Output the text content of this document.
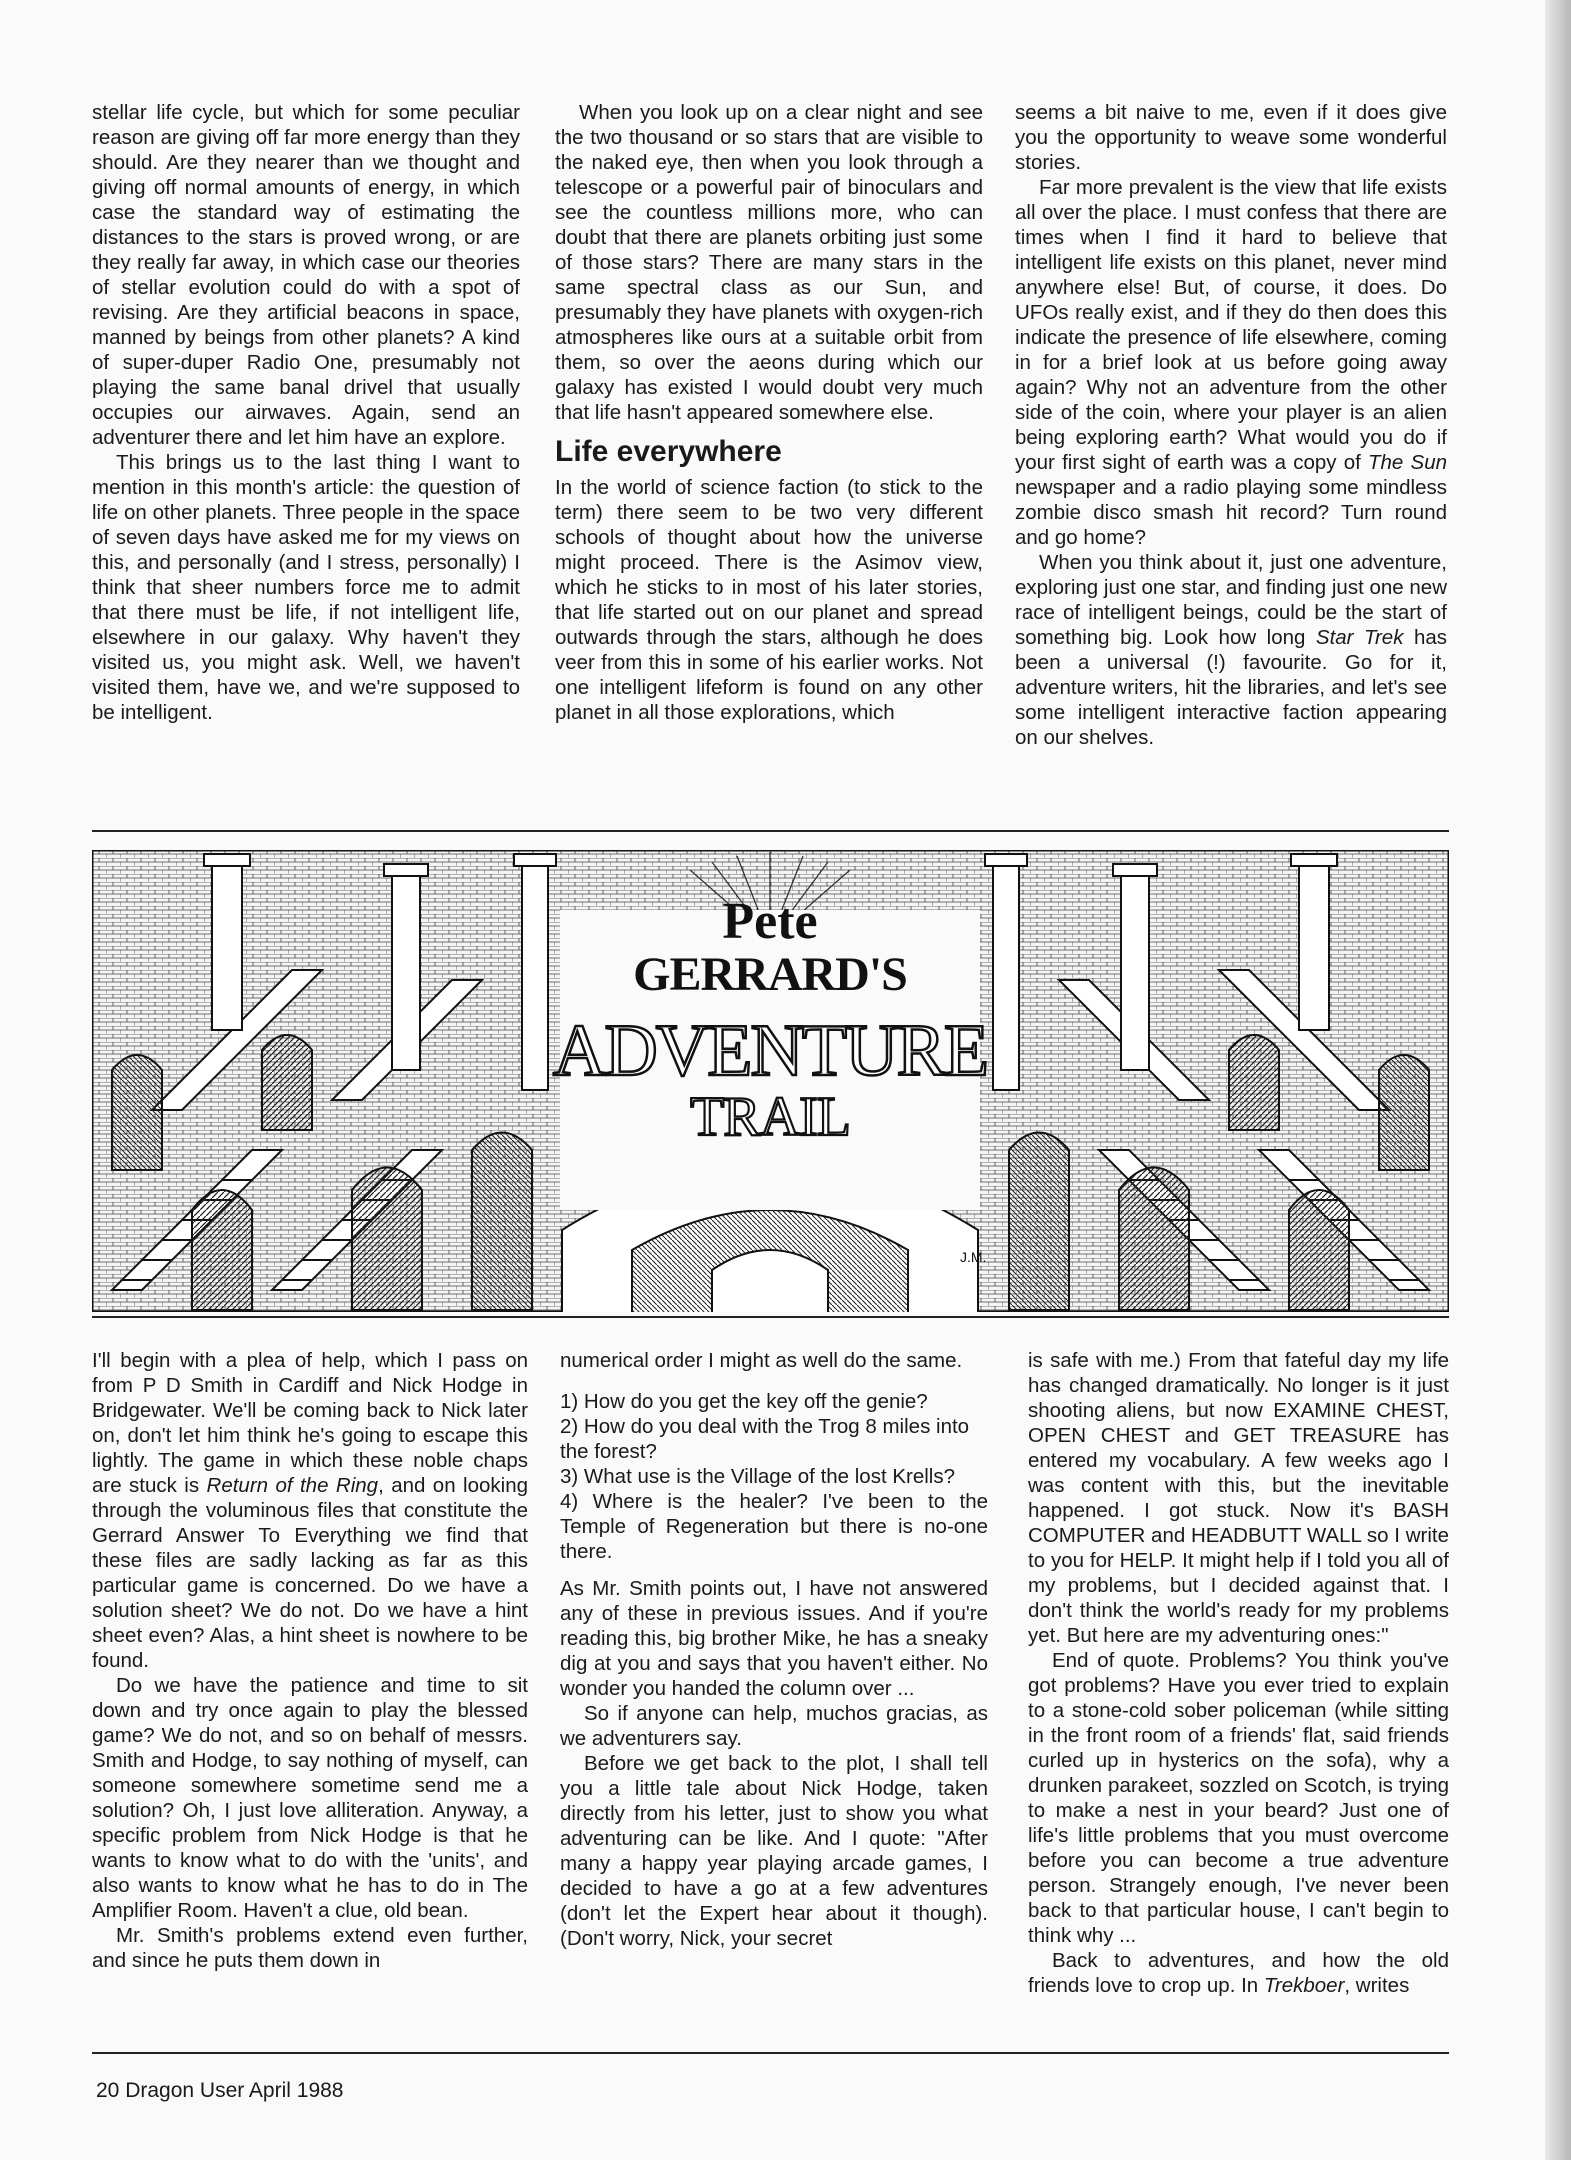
stellar life cycle, but which for some peculiar reason are giving off far more energy than they should. Are they nearer than we thought and giving off normal amounts of energy, in which case the standard way of estimating the distances to the stars is proved wrong, or are they really far away, in which case our theories of stellar evolution could do with a spot of revising. Are they artificial beacons in space, manned by beings from other planets? A kind of super-duper Radio One, presumably not playing the same banal drivel that usually occupies our airwaves. Again, send an adventurer there and let him have an explore.

This brings us to the last thing I want to mention in this month's article: the question of life on other planets. Three people in the space of seven days have asked me for my views on this, and personally (and I stress, personally) I think that sheer numbers force me to admit that there must be life, if not intelligent life, elsewhere in our galaxy. Why haven't they visited us, you might ask. Well, we haven't visited them, have we, and we're supposed to be intelligent.

When you look up on a clear night and see the two thousand or so stars that are visible to the naked eye, then when you look through a telescope or a powerful pair of binoculars and see the countless millions more, who can doubt that there are planets orbiting just some of those stars? There are many stars in the same spectral class as our Sun, and presumably they have planets with oxygen-rich atmospheres like ours at a suitable orbit from them, so over the aeons during which our galaxy has existed I would doubt very much that life hasn't appeared somewhere else.

Life everywhere

In the world of science faction (to stick to the term) there seem to be two very different schools of thought about how the universe might proceed. There is the Asimov view, which he sticks to in most of his later stories, that life started out on our planet and spread outwards through the stars, although he does veer from this in some of his earlier works. Not one intelligent lifeform is found on any other planet in all those explorations, which

seems a bit naive to me, even if it does give you the opportunity to weave some wonderful stories.

Far more prevalent is the view that life exists all over the place. I must confess that there are times when I find it hard to believe that intelligent life exists on this planet, never mind anywhere else! But, of course, it does. Do UFOs really exist, and if they do then does this indicate the presence of life elsewhere, coming in for a brief look at us before going away again? Why not an adventure from the other side of the coin, where your player is an alien being exploring earth? What would you do if your first sight of earth was a copy of The Sun newspaper and a radio playing some mindless zombie disco smash hit record? Turn round and go home?

When you think about it, just one adventure, exploring just one star, and finding just one new race of intelligent beings, could be the start of something big. Look how long Star Trek has been a universal (!) favourite. Go for it, adventure writers, hit the libraries, and let's see some intelligent interactive faction appearing on our shelves.

Pete
GERRARD'S
ADVENTURE
TRAIL
J.M.

I'll begin with a plea of help, which I pass on from P D Smith in Cardiff and Nick Hodge in Bridgewater. We'll be coming back to Nick later on, don't let him think he's going to escape this lightly. The game in which these noble chaps are stuck is Return of the Ring, and on looking through the voluminous files that constitute the Gerrard Answer To Everything we find that these files are sadly lacking as far as this particular game is concerned. Do we have a solution sheet? We do not. Do we have a hint sheet even? Alas, a hint sheet is nowhere to be found.

Do we have the patience and time to sit down and try once again to play the blessed game? We do not, and so on behalf of messrs. Smith and Hodge, to say nothing of myself, can someone somewhere sometime send me a solution? Oh, I just love alliteration. Anyway, a specific problem from Nick Hodge is that he wants to know what to do with the 'units', and also wants to know what he has to do in The Amplifier Room. Haven't a clue, old bean.

Mr. Smith's problems extend even further, and since he puts them down in

numerical order I might as well do the same.

1) How do you get the key off the genie?

2) How do you deal with the Trog 8 miles into the forest?

3) What use is the Village of the lost Krells?

4) Where is the healer? I've been to the Temple of Regeneration but there is no-one there.

As Mr. Smith points out, I have not answered any of these in previous issues. And if you're reading this, big brother Mike, he has a sneaky dig at you and says that you haven't either. No wonder you handed the column over ...

So if anyone can help, muchos gracias, as we adventurers say.

Before we get back to the plot, I shall tell you a little tale about Nick Hodge, taken directly from his letter, just to show you what adventuring can be like. And I quote: "After many a happy year playing arcade games, I decided to have a go at a few adventures (don't let the Expert hear about it though). (Don't worry, Nick, your secret

is safe with me.) From that fateful day my life has changed dramatically. No longer is it just shooting aliens, but now EXAMINE CHEST, OPEN CHEST and GET TREASURE has entered my vocabulary. A few weeks ago I was content with this, but the inevitable happened. I got stuck. Now it's BASH COMPUTER and HEADBUTT WALL so I write to you for HELP. It might help if I told you all of my problems, but I decided against that. I don't think the world's ready for my problems yet. But here are my adventuring ones:"

End of quote. Problems? You think you've got problems? Have you ever tried to explain to a stone-cold sober policeman (while sitting in the front room of a friends' flat, said friends curled up in hysterics on the sofa), why a drunken parakeet, sozzled on Scotch, is trying to make a nest in your beard? Just one of life's little problems that you must overcome before you can become a true adventure person. Strangely enough, I've never been back to that particular house, I can't begin to think why ...

Back to adventures, and how the old friends love to crop up. In Trekboer, writes

20 Dragon User April 1988
